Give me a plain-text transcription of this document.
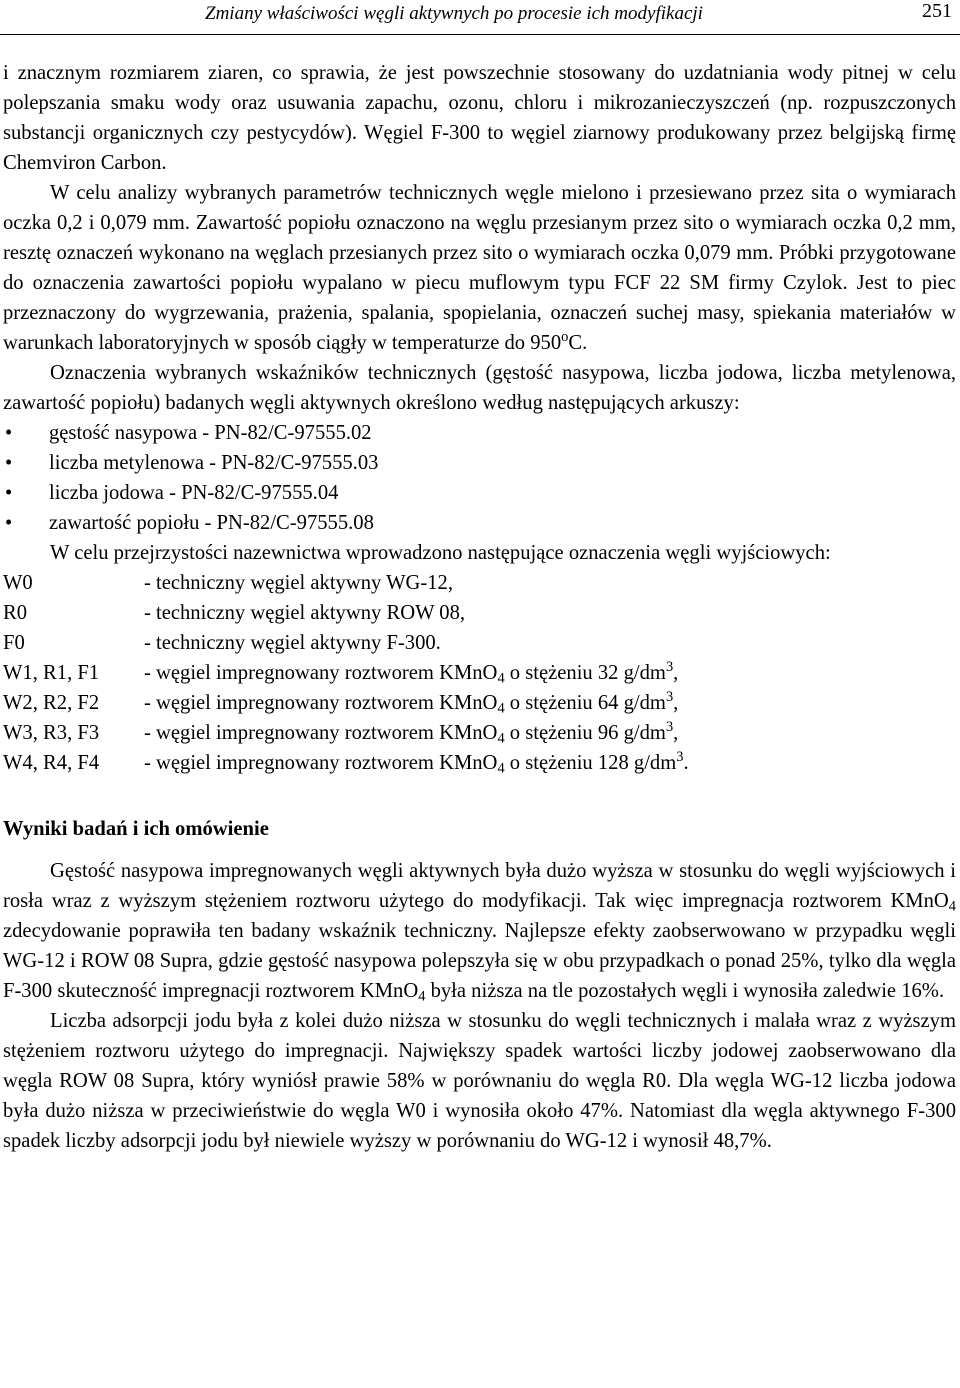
Zmiany właściwości węgli aktywnych po procesie ich modyfikacji	251

i znacznym rozmiarem ziaren, co sprawia, że jest powszechnie stosowany do uzdatniania wody pitnej w celu polepszania smaku wody oraz usuwania zapachu, ozonu, chloru i mikrozanieczyszczeń (np. rozpuszczonych substancji organicznych czy pestycydów). Węgiel F-300 to węgiel ziarnowy produkowany przez belgijską firmę Chemviron Carbon.

W celu analizy wybranych parametrów technicznych węgle mielono i przesiewano przez sita o wymiarach oczka 0,2 i 0,079 mm. Zawartość popiołu oznaczono na węglu przesianym przez sito o wymiarach oczka 0,2 mm, resztę oznaczeń wykonano na węglach przesianych przez sito o wymiarach oczka 0,079 mm. Próbki przygotowane do oznaczenia zawartości popiołu wypalano w piecu muflowym typu FCF 22 SM firmy Czylok. Jest to piec przeznaczony do wygrzewania, prażenia, spalania, spopielania, oznaczeń suchej masy, spiekania materiałów w warunkach laboratoryjnych w sposób ciągły w temperaturze do 950$^o$C.

Oznaczenia wybranych wskaźników technicznych (gęstość nasypowa, liczba jodowa, liczba metylenowa, zawartość popiołu) badanych węgli aktywnych określono według następujących arkuszy:

• gęstość nasypowa - PN-82/C-97555.02
• liczba metylenowa - PN-82/C-97555.03
• liczba jodowa - PN-82/C-97555.04
• zawartość popiołu - PN-82/C-97555.08

W celu przejrzystości nazewnictwa wprowadzono następujące oznaczenia węgli wyjściowych:

W0	- techniczny węgiel aktywny WG-12,
R0	- techniczny węgiel aktywny ROW 08,
F0	- techniczny węgiel aktywny F-300.
W1, R1, F1	- węgiel impregnowany roztworem KMnO$_4$ o stężeniu 32 $g/dm^3$,
W2, R2, F2	- węgiel impregnowany roztworem KMnO$_4$ o stężeniu 64 $g/dm^3$,
W3, R3, F3	- węgiel impregnowany roztworem KMnO$_4$ o stężeniu 96 $g/dm^3$,
W4, R4, F4	- węgiel impregnowany roztworem KMnO$_4$ o stężeniu 128 $g/dm^3$.
Wyniki badań i ich omówienie

Gęstość nasypowa impregnowanych węgli aktywnych była dużo wyższa w stosunku do węgli wyjściowych i rosła wraz z wyższym stężeniem roztworu użytego do modyfikacji. Tak więc impregnacja roztworem KMnO$_4$ zdecydowanie poprawiła ten badany wskaźnik techniczny. Najlepsze efekty zaobserwowano w przypadku węgli WG-12 i ROW 08 Supra, gdzie gęstość nasypowa polepszyła się w obu przypadkach o ponad 25%, tylko dla węgla F-300 skuteczność impregnacji roztworem KMnO$_4$ była niższa na tle pozostałych węgli i wynosiła zaledwie 16%.

Liczba adsorpcji jodu była z kolei dużo niższa w stosunku do węgli technicznych i malała wraz z wyższym stężeniem roztworu użytego do impregnacji. Największy spadek wartości liczby jodowej zaobserwowano dla węgla ROW 08 Supra, który wyniósł prawie 58% w porównaniu do węgla R0. Dla węgla WG-12 liczba jodowa była dużo niższa w przeciwieństwie do węgla W0 i wynosiła około 47%. Natomiast dla węgla aktywnego F-300 spadek liczby adsorpcji jodu był niewiele wyższy w porównaniu do WG-12 i wynosił 48,7%.
